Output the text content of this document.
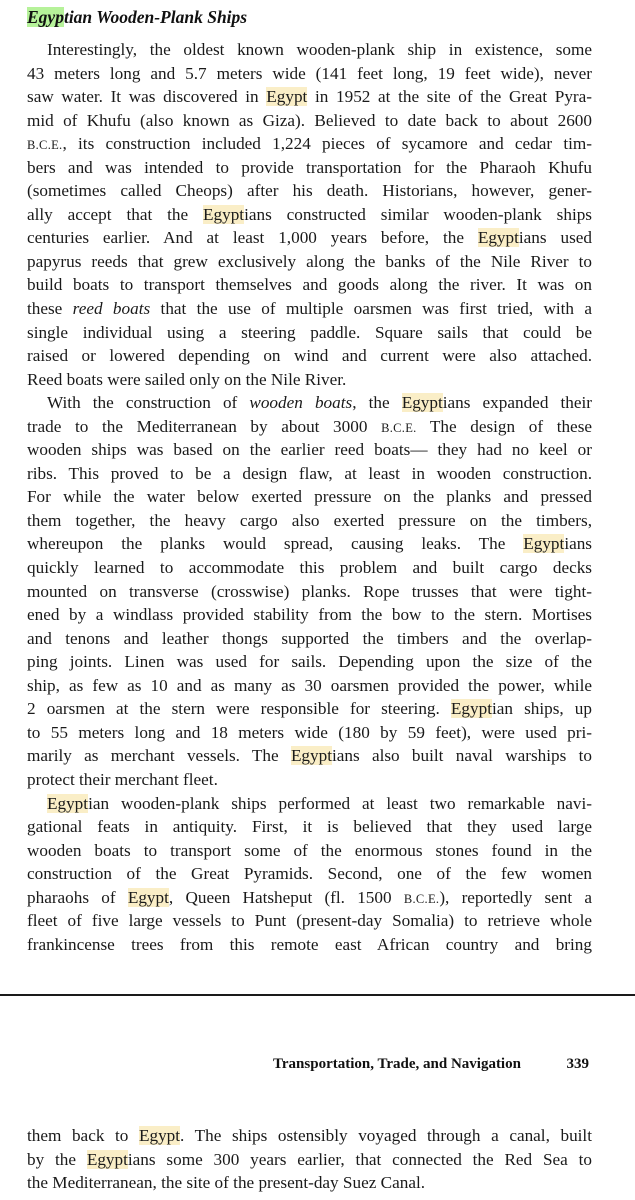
Egyptian Wooden-Plank Ships
Interestingly, the oldest known wooden-plank ship in existence, some
43 meters long and 5.7 meters wide (141 feet long, 19 feet wide), never
saw water. It was discovered in Egypt in 1952 at the site of the Great Pyra-
mid of Khufu (also known as Giza). Believed to date back to about 2600
B.C.E., its construction included 1,224 pieces of sycamore and cedar tim-
bers and was intended to provide transportation for the Pharaoh Khufu
(sometimes called Cheops) after his death. Historians, however, gener-
ally accept that the Egyptians constructed similar wooden-plank ships
centuries earlier. And at least 1,000 years before, the Egyptians used
papyrus reeds that grew exclusively along the banks of the Nile River to
build boats to transport themselves and goods along the river. It was on
these reed boats that the use of multiple oarsmen was first tried, with a
single individual using a steering paddle. Square sails that could be
raised or lowered depending on wind and current were also attached.
Reed boats were sailed only on the Nile River.
With the construction of wooden boats, the Egyptians expanded their
trade to the Mediterranean by about 3000 B.C.E. The design of these
wooden ships was based on the earlier reed boats— they had no keel or
ribs. This proved to be a design flaw, at least in wooden construction.
For while the water below exerted pressure on the planks and pressed
them together, the heavy cargo also exerted pressure on the timbers,
whereupon the planks would spread, causing leaks. The Egyptians
quickly learned to accommodate this problem and built cargo decks
mounted on transverse (crosswise) planks. Rope trusses that were tight-
ened by a windlass provided stability from the bow to the stern. Mortises
and tenons and leather thongs supported the timbers and the overlap-
ping joints. Linen was used for sails. Depending upon the size of the
ship, as few as 10 and as many as 30 oarsmen provided the power, while
2 oarsmen at the stern were responsible for steering. Egyptian ships, up
to 55 meters long and 18 meters wide (180 by 59 feet), were used pri-
marily as merchant vessels. The Egyptians also built naval warships to
protect their merchant fleet.
Egyptian wooden-plank ships performed at least two remarkable navi-
gational feats in antiquity. First, it is believed that they used large
wooden boats to transport some of the enormous stones found in the
construction of the Great Pyramids. Second, one of the few women
pharaohs of Egypt, Queen Hatsheput (fl. 1500 B.C.E.), reportedly sent a
fleet of five large vessels to Punt (present-day Somalia) to retrieve whole
frankincense trees from this remote east African country and bring
Transportation, Trade, and Navigation	339
them back to Egypt. The ships ostensibly voyaged through a canal, built
by the Egyptians some 300 years earlier, that connected the Red Sea to
the Mediterranean, the site of the present-day Suez Canal.
